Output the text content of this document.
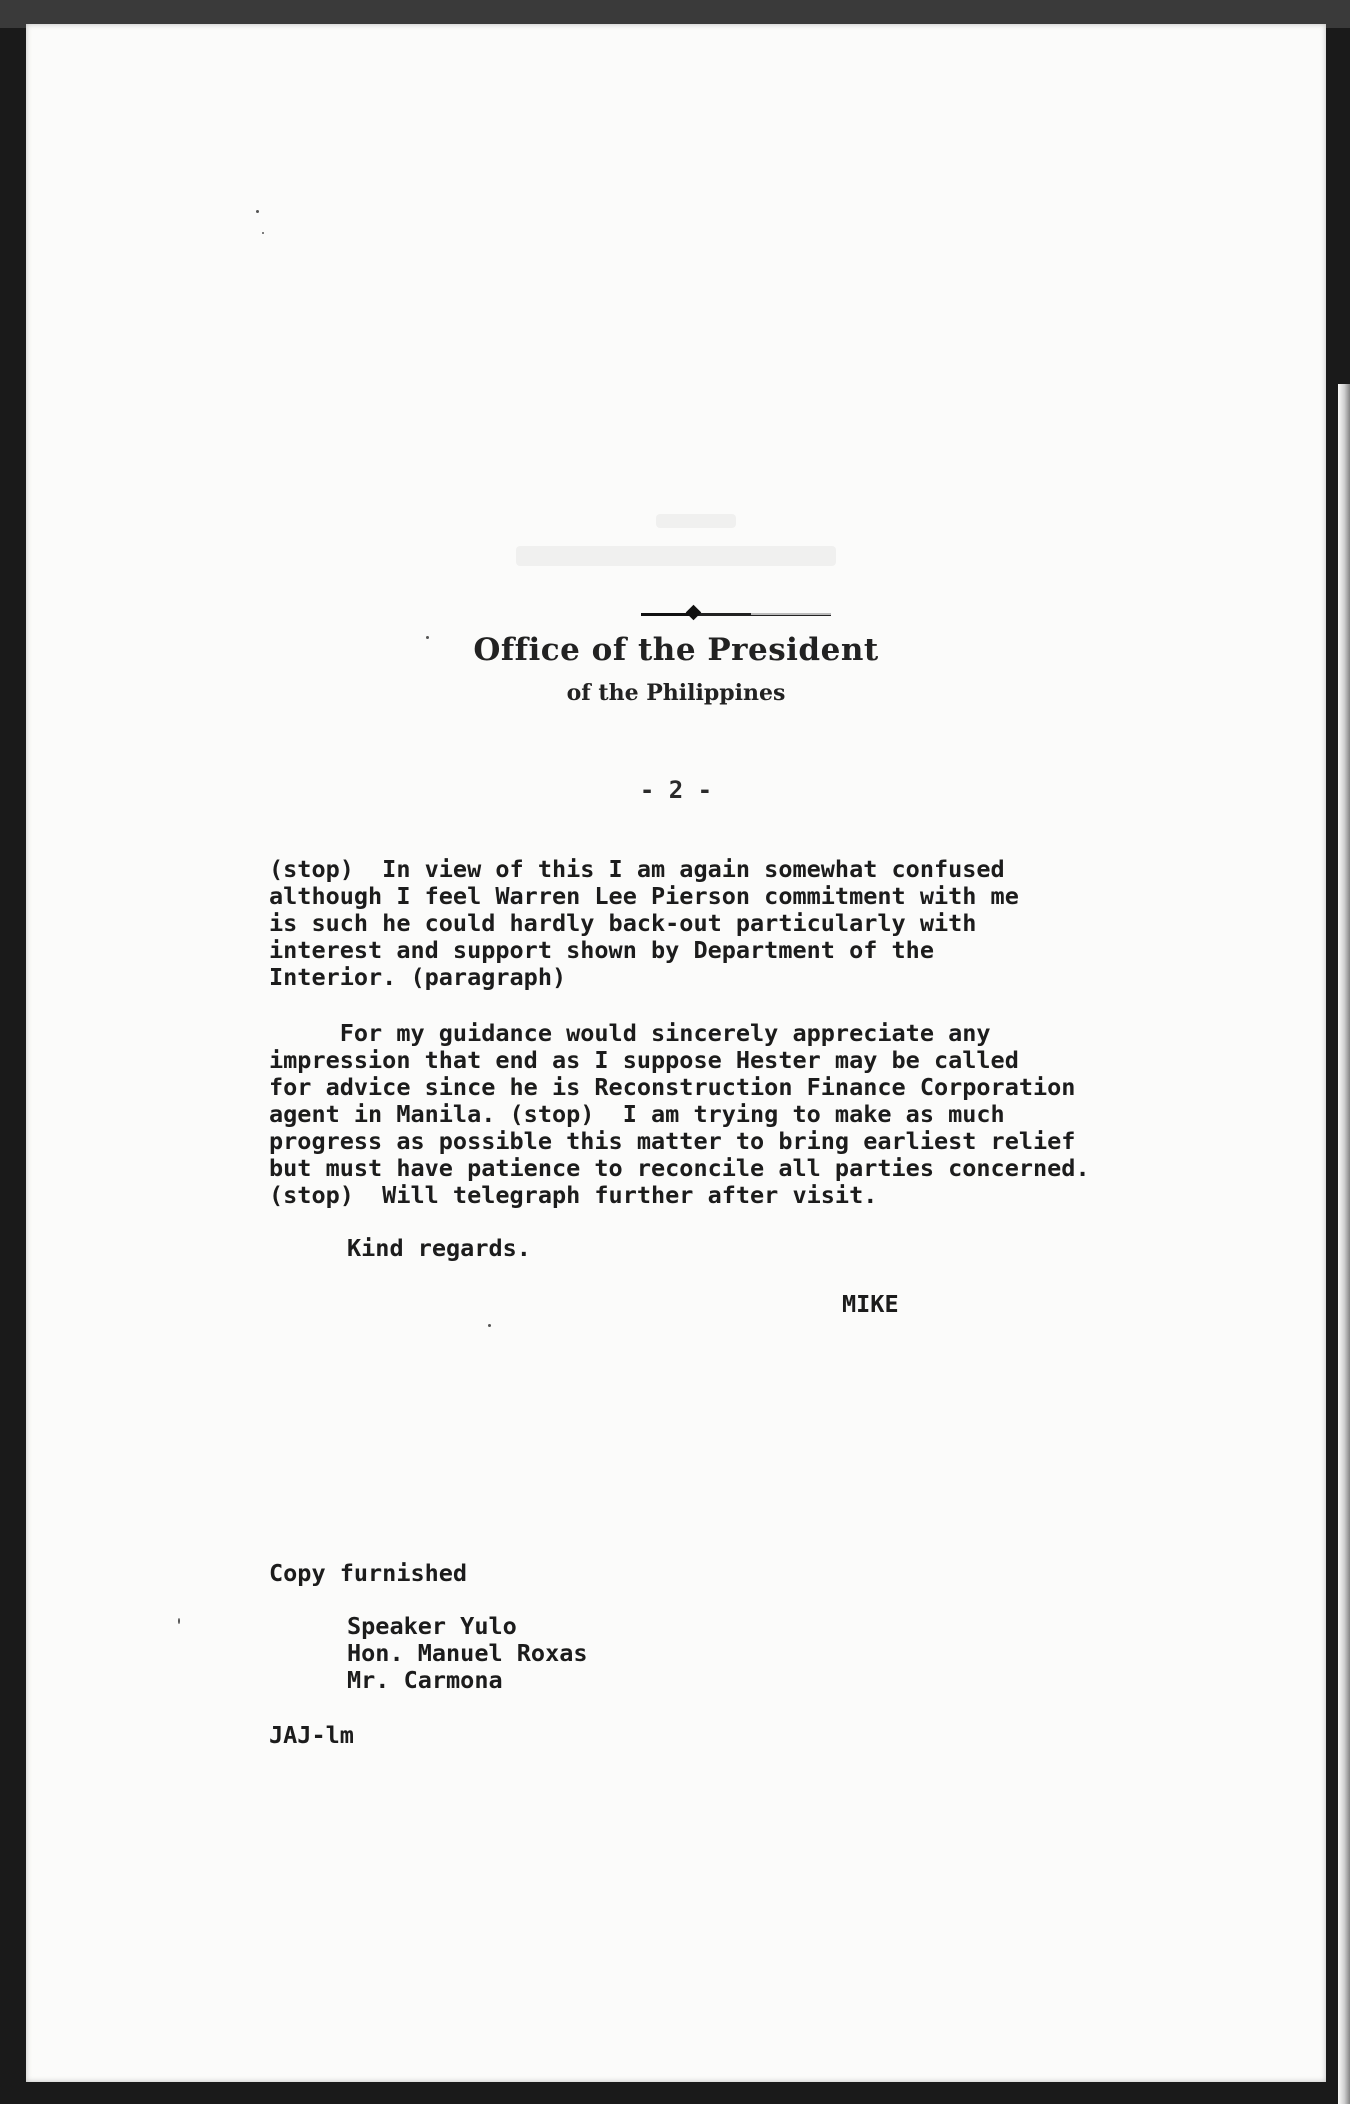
Office of the President
of the Philippines
- 2 -
(stop)  In view of this I am again somewhat confused
although I feel Warren Lee Pierson commitment with me
is such he could hardly back-out particularly with
interest and support shown by Department of the
Interior. (paragraph)
For my guidance would sincerely appreciate any
impression that end as I suppose Hester may be called
for advice since he is Reconstruction Finance Corporation
agent in Manila. (stop)  I am trying to make as much
progress as possible this matter to bring earliest relief
but must have patience to reconcile all parties concerned.
(stop)  Will telegraph further after visit.
Kind regards.
MIKE
Copy furnished
Speaker Yulo
Hon. Manuel Roxas
Mr. Carmona
JAJ-lm
